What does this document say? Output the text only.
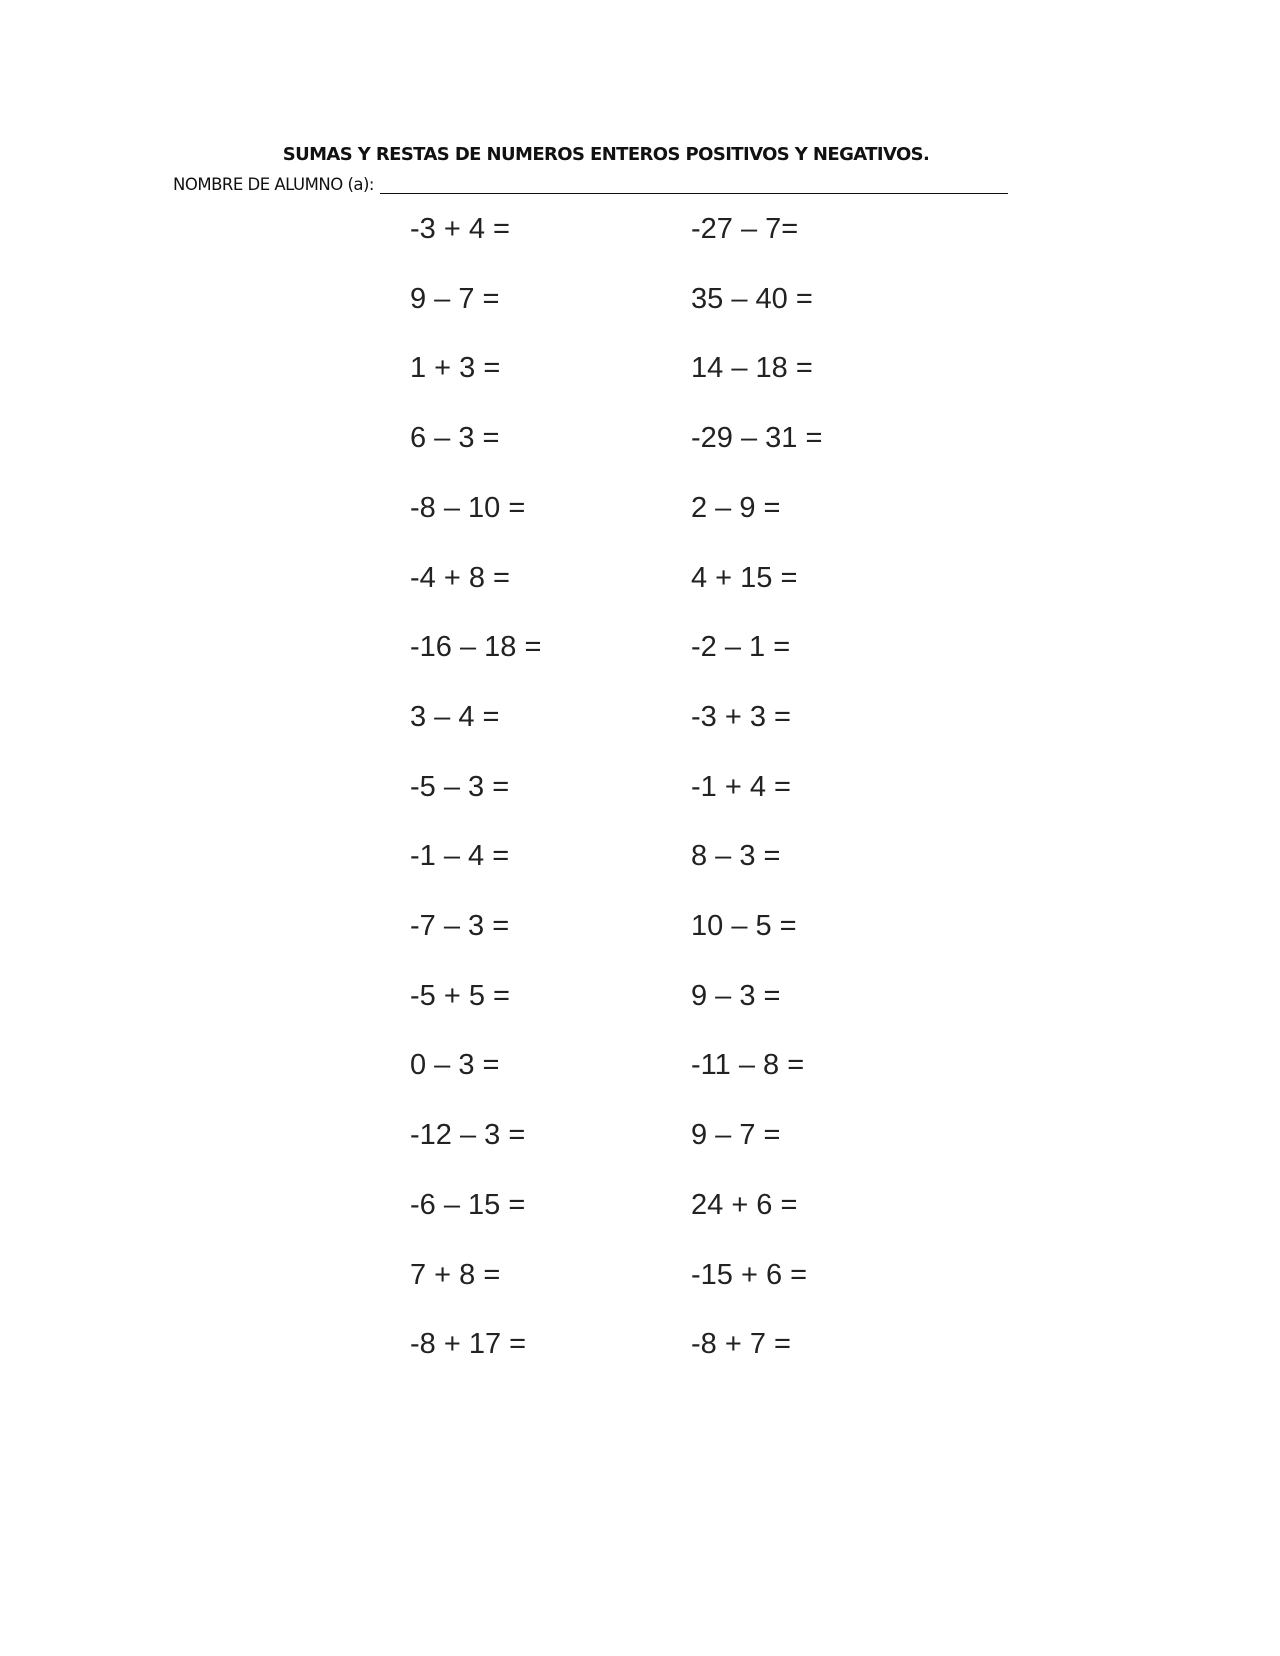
SUMAS Y RESTAS DE NUMEROS ENTEROS POSITIVOS Y NEGATIVOS.
NOMBRE DE ALUMNO (a):
-3 + 4 =
9 – 7 =
1 + 3 =
6 – 3 =
-8 – 10 =
-4 + 8 =
-16 – 18 =
3 – 4 =
-5 – 3 =
-1 – 4 =
-7 – 3 =
-5 + 5 =
0 – 3 =
-12 – 3 =
-6 – 15 =
7 + 8 =
-8 + 17 =
-27 – 7=
35 – 40 =
14 – 18 =
-29 – 31 =
2 – 9 =
4 + 15 =
-2 – 1 =
-3 + 3 =
-1 + 4 =
8 – 3 =
10 – 5 =
9 – 3 =
-11 – 8 =
9 – 7 =
24 + 6 =
-15 + 6 =
-8 + 7 =
